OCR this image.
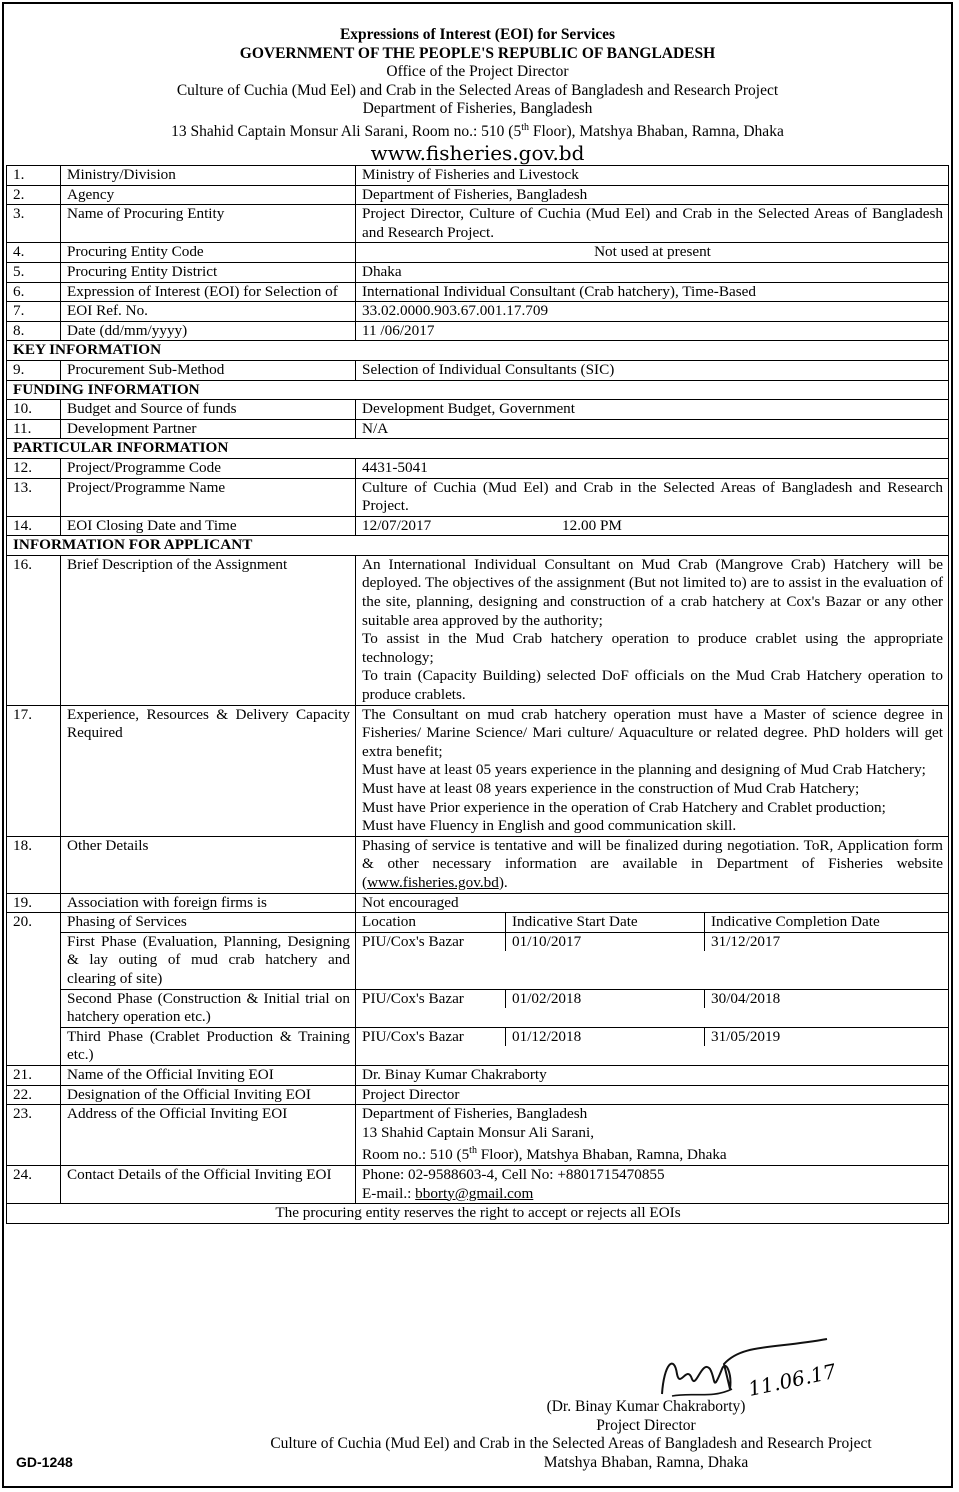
Expressions of Interest (EOI) for Services
GOVERNMENT OF THE PEOPLE'S REPUBLIC OF BANGLADESH
Office of the Project Director
Culture of Cuchia (Mud Eel) and Crab in the Selected Areas of Bangladesh and Research Project
Department of Fisheries, Bangladesh
13 Shahid Captain Monsur Ali Sarani, Room no.: 510 (5th Floor), Matshya Bhaban, Ramna, Dhaka
www.fisheries.gov.bd
1.	Ministry/Division	Ministry of Fisheries and Livestock
2.	Agency	Department of Fisheries, Bangladesh
3.	Name of Procuring Entity	Project Director, Culture of Cuchia (Mud Eel) and Crab in the Selected Areas of Bangladesh and Research Project.
4.	Procuring Entity Code	Not used at present
5.	Procuring Entity District	Dhaka
6.	Expression of Interest (EOI) for Selection of	International Individual Consultant (Crab hatchery), Time-Based
7.	EOI Ref. No.	33.02.0000.903.67.001.17.709
8.	Date (dd/mm/yyyy)	11 /06/2017
KEY INFORMATION
9.	Procurement Sub-Method	Selection of Individual Consultants (SIC)
FUNDING INFORMATION
10.	Budget and Source of funds	Development Budget, Government
11.	Development Partner	N/A
PARTICULAR INFORMATION
12.	Project/Programme Code	4431-5041
13.	Project/Programme Name	Culture of Cuchia (Mud Eel) and Crab in the Selected Areas of Bangladesh and Research Project.
14.	EOI Closing Date and Time	12/07/2017	12.00 PM
INFORMATION FOR APPLICANT
16.	Brief Description of the Assignment	An International Individual Consultant on Mud Crab (Mangrove Crab) Hatchery will be deployed. The objectives of the assignment (But not limited to) are to assist in the evaluation of the site, planning, designing and construction of a crab hatchery at Cox's Bazar or any other suitable area approved by the authority;
To assist in the Mud Crab hatchery operation to produce crablet using the appropriate technology;
To train (Capacity Building) selected DoF officials on the Mud Crab Hatchery operation to produce crablets.

17.	Experience, Resources & Delivery Capacity Required	
The Consultant on mud crab hatchery operation must have a Master of science degree in Fisheries/ Marine Science/ Mari culture/ Aquaculture or related degree. PhD holders will get extra benefit;
Must have at least 05 years experience in the planning and designing of Mud Crab Hatchery;
Must have at least 08 years experience in the construction of Mud Crab Hatchery;
Must have Prior experience in the operation of Crab Hatchery and Crablet production;
Must have Fluency in English and good communication skill.

18.	Other Details	Phasing of service is tentative and will be finalized during negotiation. ToR, Application form & other necessary information are available in Department of Fisheries website (www.fisheries.gov.bd).
19.	Association with foreign firms is	Not encouraged
20.	Phasing of Services		Location	Indicative Start Date	Indicative Completion Date

First Phase (Evaluation, Planning, Designing & lay outing of mud crab hatchery and clearing of site)	
PIU/Cox's Bazar	01/10/2017	31/12/2017

Second Phase (Construction & Initial trial on hatchery operation etc.)	
PIU/Cox's Bazar	01/02/2018	30/04/2018

Third Phase (Crablet Production & Training etc.)	
PIU/Cox's Bazar	01/12/2018	31/05/2019

21.	Name of the Official Inviting EOI	Dr. Binay Kumar Chakraborty
22.	Designation of the Official Inviting EOI	Project Director
23.	Address of the Official Inviting EOI	Department of Fisheries, Bangladesh
13 Shahid Captain Monsur Ali Sarani,
Room no.: 510 (5th Floor), Matshya Bhaban, Ramna, Dhaka

24.	Contact Details of the Official Inviting EOI	Phone: 02-9588603-4, Cell No: +8801715470855
E-mail.: bborty@gmail.com

The procuring entity reserves the right to accept or rejects all EOIs
11.06.17
(Dr. Binay Kumar Chakraborty)
Project Director
Culture of Cuchia (Mud Eel) and Crab in the Selected Areas of Bangladesh and Research Project
Matshya Bhaban, Ramna, Dhaka
GD-1248
